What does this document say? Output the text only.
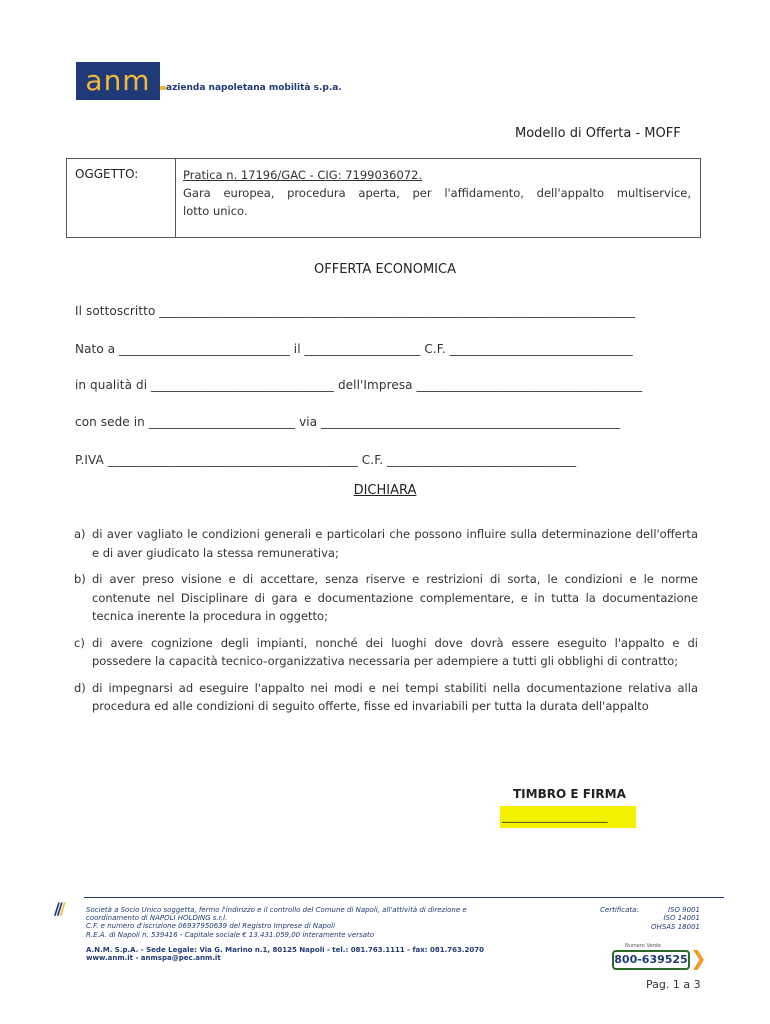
anm	azienda napoletana mobilità s.p.a.
Modello di Offerta - MOFF
OGGETTO:	Pratica n. 17196/GAC - CIG: 7199036072.
Gara europea, procedura aperta, per l'affidamento, dell'appalto multiservice,
lotto unico.
OFFERTA ECONOMICA
Il sottoscritto ______________________________________________________________________________
Nato a ____________________________ il ___________________ C.F. ______________________________
in qualità di ______________________________ dell'Impresa _____________________________________
con sede in ________________________ via _________________________________________________
P.IVA _________________________________________ C.F. _______________________________
DICHIARA
a) di aver vagliato le condizioni generali e particolari che possono influire sulla determinazione dell'offerta e di aver giudicato la stessa remunerativa;
b) di aver preso visione e di accettare, senza riserve e restrizioni di sorta, le condizioni e le norme contenute nel Disciplinare di gara e documentazione complementare, e in tutta la documentazione tecnica inerente la procedura in oggetto;
c) di avere cognizione degli impianti, nonché dei luoghi dove dovrà essere eseguito l'appalto e di possedere la capacità tecnico-organizzativa necessaria per adempiere a tutti gli obblighi di contratto;
d) di impegnarsi ad eseguire l'appalto nei modi e nei tempi stabiliti nella documentazione relativa alla procedura ed alle condizioni di seguito offerte, fisse ed invariabili per tutta la durata dell'appalto
TIMBRO E FIRMA
_____________________
///	Società a Socio Unico soggetta, fermo l'indirizzo e il controllo del Comune di Napoli, all'attività di direzione e
coordinamento di NAPOLI HOLDING s.r.l.
C.F. e numero d'iscrizione 06937950639 del Registro Imprese di Napoli
R.E.A. di Napoli n. 539416 - Capitale sociale € 13.431.059,00 interamente versato
A.N.M. S.p.A. - Sede Legale: Via G. Marino n.1, 80125 Napoli - tel.: 081.763.1111 - fax: 081.763.2070
www.anm.it - anmspa@pec.anm.it
Certificata:	ISO 9001
ISO 14001
OHSAS 18001
Numero Verde
800-639525 ❯
Pag. 1 a 3
